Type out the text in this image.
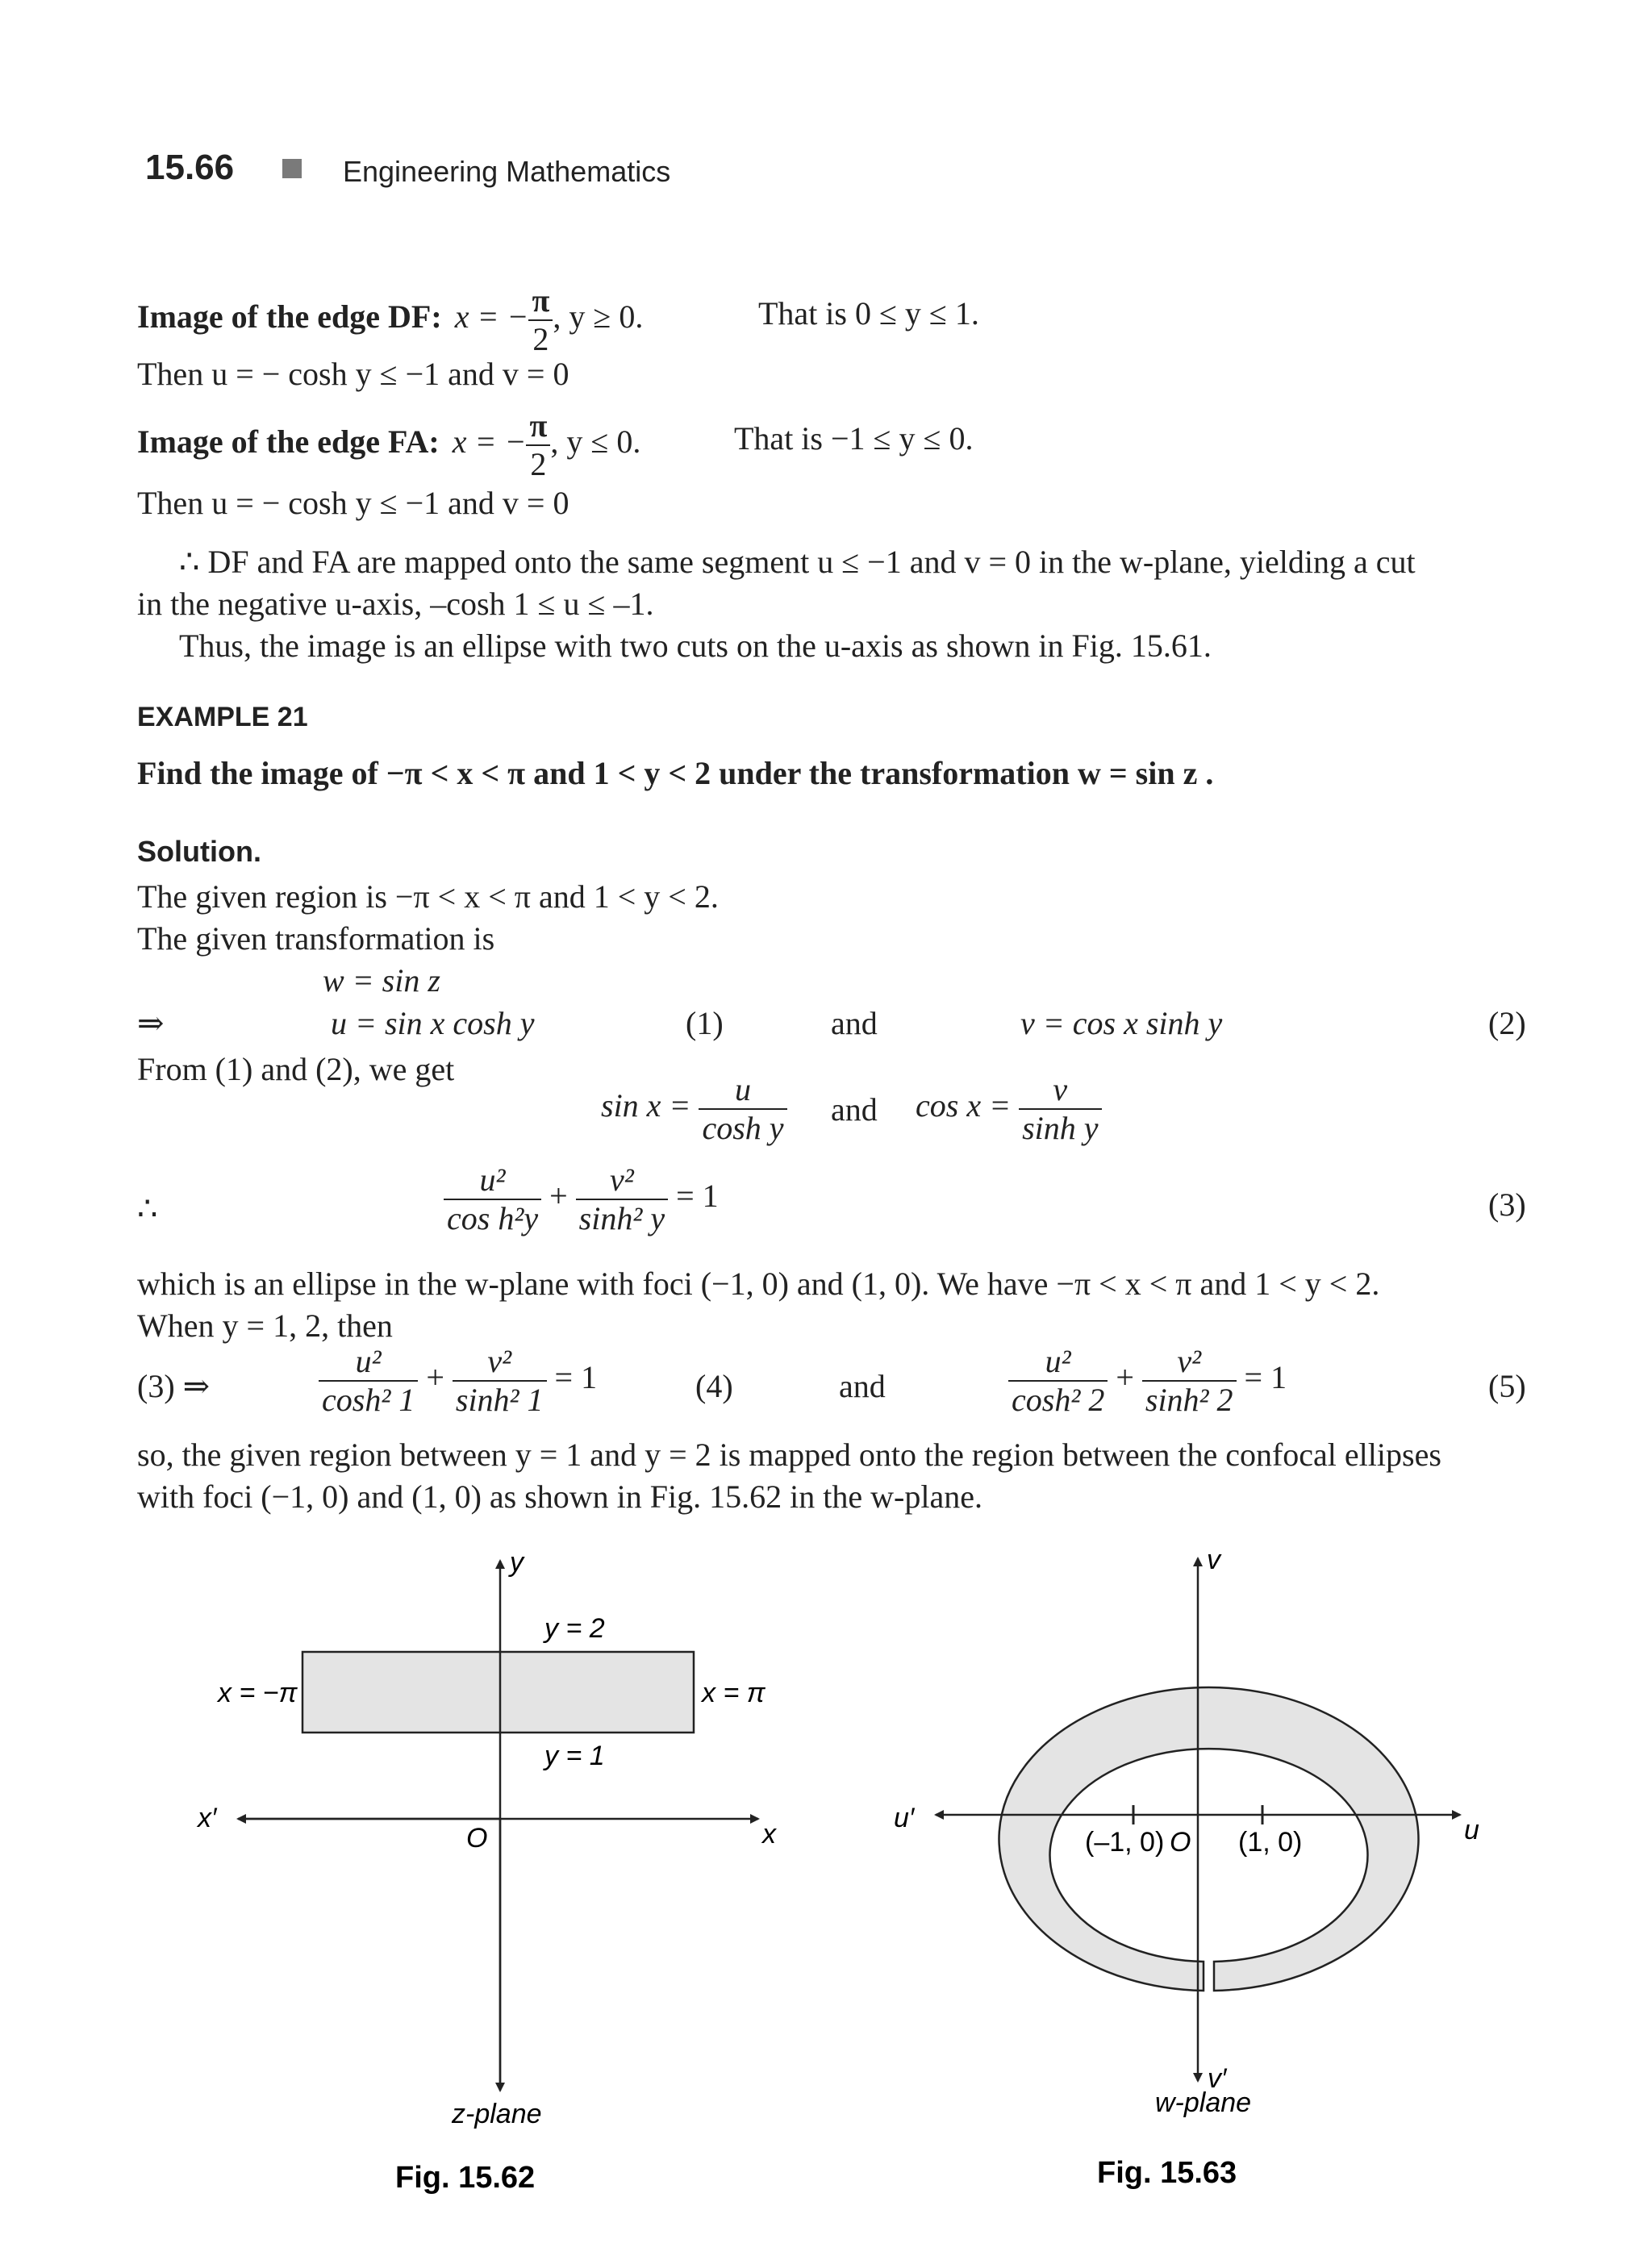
15.66	Engineering Mathematics
Image of the edge DF: x = − $\frac{\pi}{2}$ , y ≥ 0.	That is 0 ≤ y ≤ 1.
Then u = − cosh y ≤ −1 and v = 0
Image of the edge FA: x = − $\frac{\pi}{2}$ , y ≤ 0.	That is −1 ≤ y ≤ 0.
Then u = − cosh y ≤ −1 and v = 0
∴ DF and FA are mapped onto the same segment u ≤ −1 and v = 0 in the w-plane, yielding a cut
in the negative u-axis, –cosh 1 ≤ u ≤ –1.
Thus, the image is an ellipse with two cuts on the u-axis as shown in Fig. 15.61.
EXAMPLE 21
Find the image of −π < x < π and 1 < y < 2 under the transformation w = sin z .
Solution.
The given region is −π < x < π and 1 < y < 2.
The given transformation is
w = sin z
⇒	u = sin x cosh y	(1)	and	v = cos x sinh y	(2)
From (1) and (2), we get
$\sin x = \frac{u}{\text{cosh y}}$ and $\cos x = \frac{v}{\text{sinh y}}$
∴	$\frac{\text{u²}}{\text{cos h²y}} + \frac{\text{v²}}{\text{sinh² y}} = 1$	(3)
which is an ellipse in the w-plane with foci (−1, 0) and (1, 0). We have −π < x < π and 1 < y < 2.
When y = 1, 2, then
(3) ⇒	$\frac{\text{u²}}{\text{cosh² 1}} + \frac{\text{v²}}{\text{sinh² 1}} = 1$	(4)	and	$\frac{\text{u²}}{\text{cosh² 2}} + \frac{\text{v²}}{\text{sinh² 2}} = 1$	(5)
so, the given region between y = 1 and y = 2 is mapped onto the region between the confocal ellipses
with foci (−1, 0) and (1, 0) as shown in Fig. 15.62 in the w-plane.
y
y = 2
y = 1
x = −π	x = π
x′
x
O
z-plane
Fig. 15.62
v
u′	u
(–1, 0) O (1, 0)
v′
w-plane
Fig. 15.63
